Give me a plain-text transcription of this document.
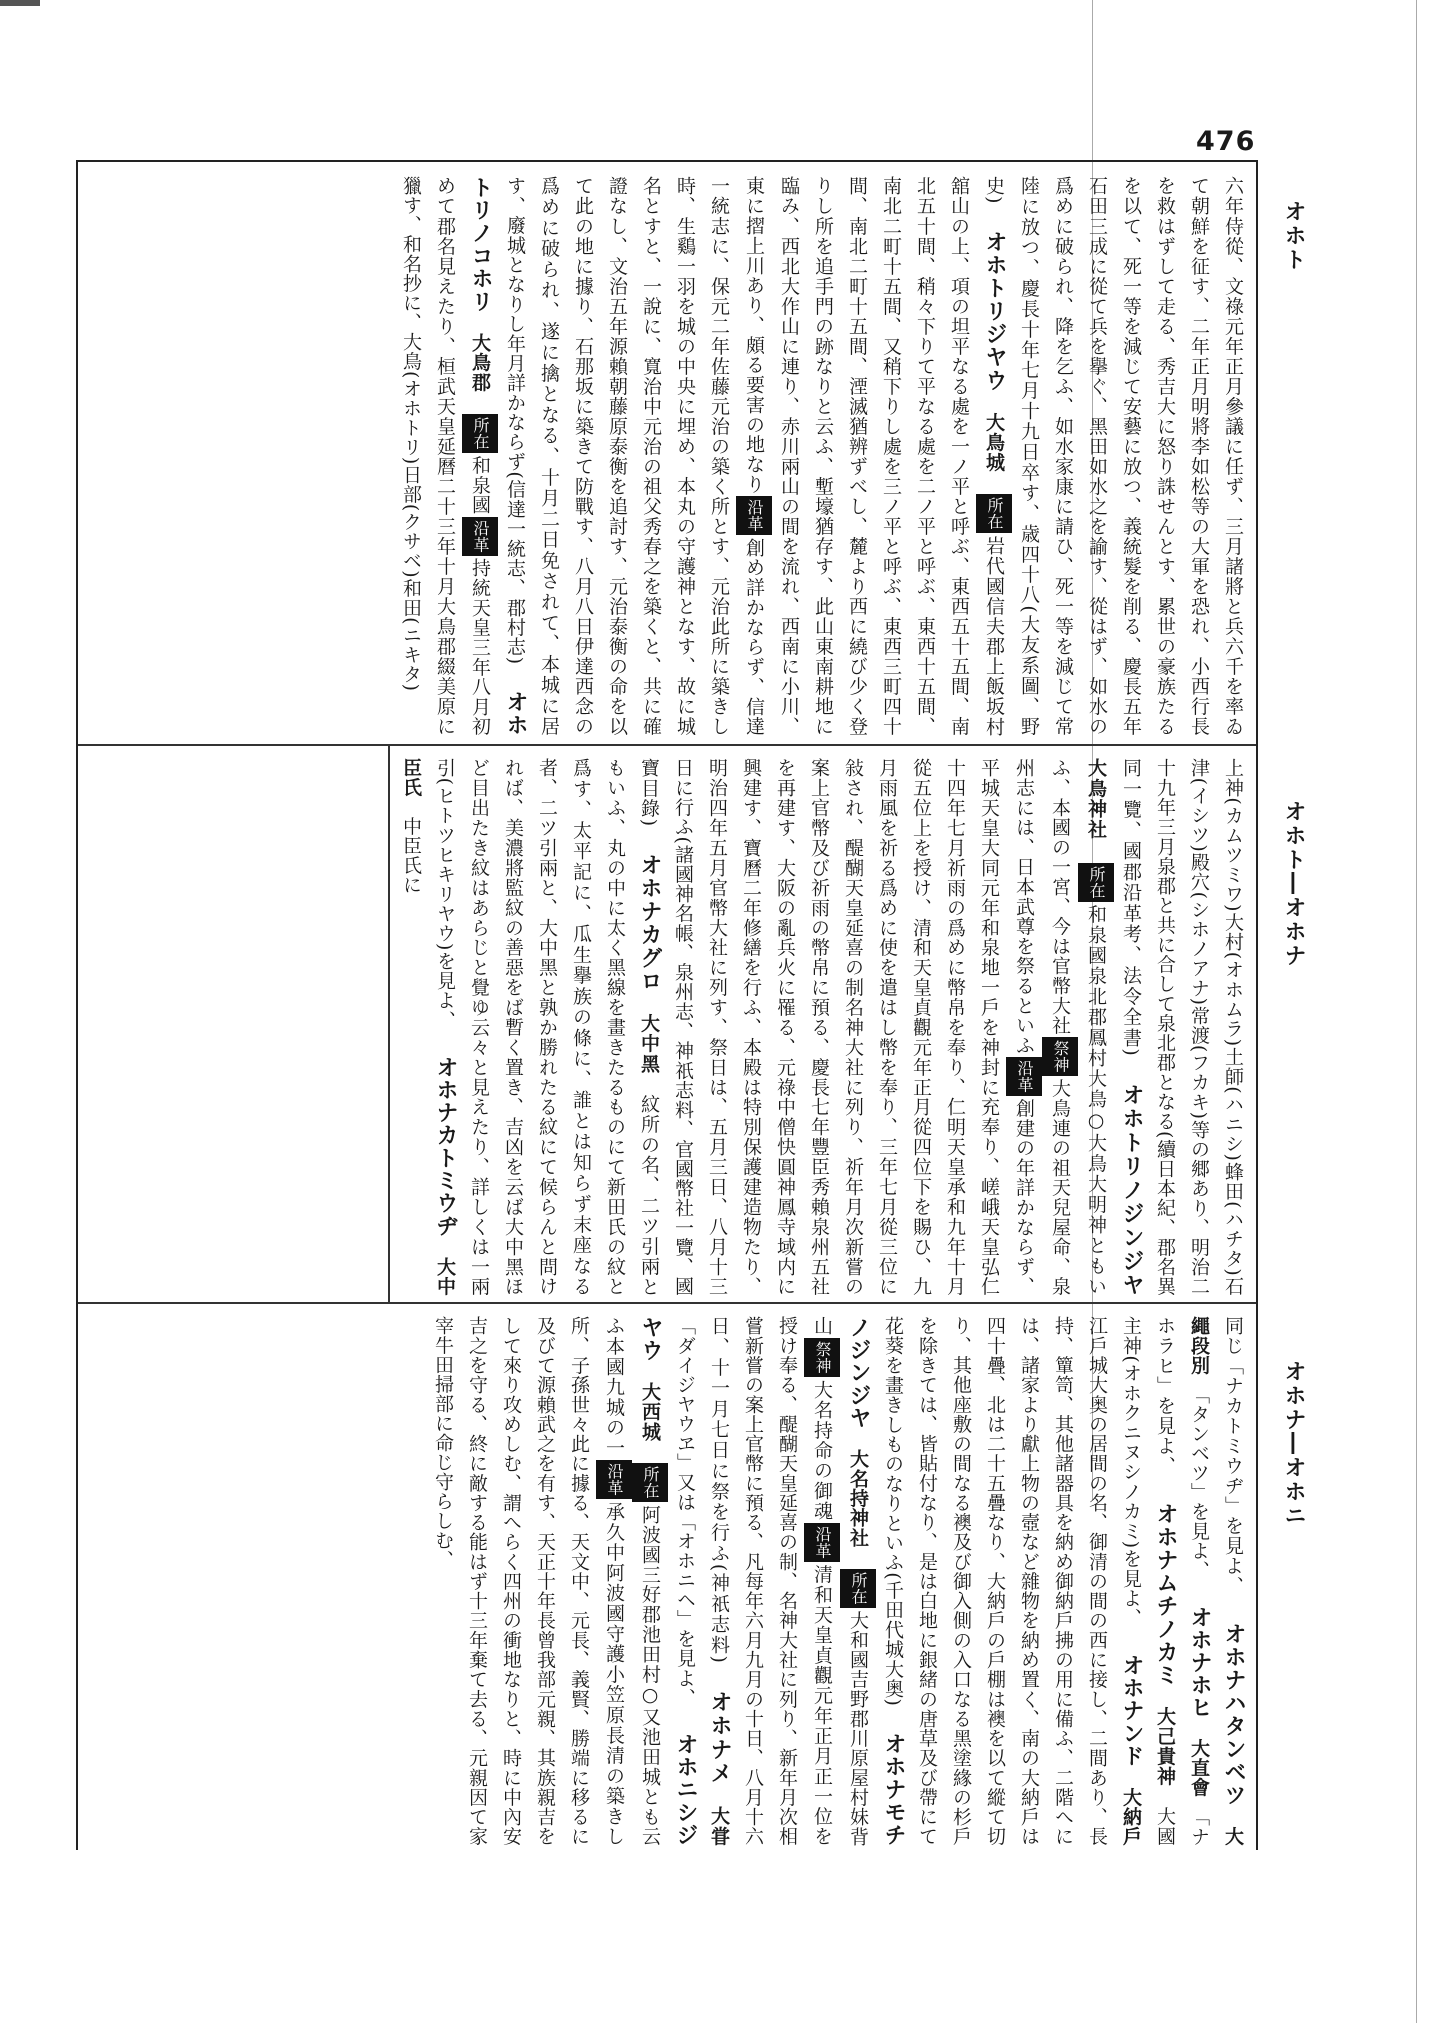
476
オホト
オホト―オホナ
オホナ―オホニ
六年侍從、文祿元年正月參議に任ず、三月諸將と兵六千を率ゐて朝鮮を征す、二年正月明將李如松等の大軍を恐れ、小西行長を救はずして走る、秀吉大に怒り誅せんとす、累世の豪族たるを以て、死一等を減じて安藝に放つ、義統髮を削る、慶長五年石田三成に從て兵を擧ぐ、黑田如水之を諭す、從はず、如水の爲めに破られ、降を乞ふ、如水家康に請ひ、死一等を減じて常陸に放つ、慶長十年七月十九日卒す、歳四十八(大友系圖、野史)オホトリジヤウ　大鳥城　所在岩代國信夫郡上飯坂村舘山の上、項の坦平なる處を一ノ平と呼ぶ、東西五十五間、南北五十間、稍々下りて平なる處を二ノ平と呼ぶ、東西十五間、南北二町十五間、又稍下りし處を三ノ平と呼ぶ、東西三町四十間、南北二町十五間、湮滅猶辨ずべし、麓より西に繞び少く登りし所を追手門の跡なりと云ふ、塹壕猶存す、此山東南耕地に臨み、西北大作山に連り、赤川兩山の間を流れ、西南に小川、東に摺上川あり、頗る要害の地なり沿革創め詳かならず、信達一統志に、保元二年佐藤元治の築く所とす、元治此所に築きし時、生鷄一羽を城の中央に埋め、本丸の守護神となす、故に城名とすと、一說に、寬治中元治の祖父秀春之を築くと、共に確證なし、文治五年源賴朝藤原泰衡を追討す、元治泰衡の命を以て此の地に據り、石那坂に築きて防戰す、八月八日伊達西念の爲めに破られ、遂に擒となる、十月二日免されて、本城に居す、廢城となりし年月詳かならず(信達一統志、郡村志)オホトリノコホリ　大鳥郡　所在和泉國沿革持統天皇三年八月初めて郡名見えたり、桓武天皇延曆二十三年十月大鳥郡綴美原に獵す、和名抄に、大鳥(オホトリ)日部(クサベ)和田(ニキタ)
上神(カムツミワ)大村(オホムラ)土師(ハニシ)蜂田(ハチタ)石津(イシツ)殿穴(シホノアナ)常渡(フカキ)等の郷あり、明治二十九年三月泉郡と共に合して泉北郡となる(續日本紀、郡名異同一覽、國郡沿革考、法令全書)オホトリノジンジヤ　大鳥神社　所在和泉國泉北郡鳳村大鳥○大鳥大明神ともいふ、本國の一宮、今は官幣大社祭神大鳥連の祖天兒屋命、泉州志には、日本武尊を祭るといふ沿革創建の年詳かならず、平城天皇大同元年和泉地一戶を神封に充奉り、嵯峨天皇弘仁十四年七月祈雨の爲めに幣帛を奉り、仁明天皇承和九年十月從五位上を授け、清和天皇貞觀元年正月從四位下を賜ひ、九月雨風を祈る爲めに使を遣はし幣を奉り、三年七月從三位に敍され、醍醐天皇延喜の制名神大社に列り、祈年月次新嘗の案上官幣及び祈雨の幣帛に預る、慶長七年豐臣秀賴泉州五社を再建す、大阪の亂兵火に罹る、元祿中僧快圓神鳳寺域内に興建す、寶曆二年修繕を行ふ、本殿は特別保護建造物たり、明治四年五月官幣大社に列す、祭日は、五月三日、八月十三日に行ふ(諸國神名帳、泉州志、神祇志料、官國幣社一覽、國寶目錄)オホナカグロ　大中黑　紋所の名、二ツ引兩ともいふ、丸の中に太く黑線を畫きたるものにて新田氏の紋と爲す、太平記に、瓜生擧族の條に、誰とは知らず末座なる者、二ツ引兩と、大中黑と孰か勝れたる紋にて候らんと問ければ、美濃將監紋の善惡をば暫く置き、吉凶を云ば大中黑ほど目出たき紋はあらじと覺ゆ云々と見えたり、詳しくは一兩引(ヒトツヒキリヤウ)を見よ、オホナカトミウヂ　大中臣氏　中臣氏に
同じ「ナカトミウヂ」を見よ、オホナハタンベツ　大繩段別　「タンベツ」を見よ、オホナホヒ　大直會　「ナホラヒ」を見よ、オホナムチノカミ　大己貴神　大國主神(オホクニヌシノカミ)を見よ、オホナンド　大納戶　江戶城大奥の居間の名、御清の間の西に接し、二間あり、長持、簞笥、其他諸器具を納め御納戶拂の用に備ふ、二階へには、諸家より獻上物の壼など雜物を納め置く、南の大納戶は四十疊、北は二十五疊なり、大納戶の戶棚は襖を以て縱て切り、其他座敷の間なる襖及び御入側の入口なる黑塗緣の杉戶を除きては、皆貼付なり、是は白地に銀緒の唐草及び帶にて花葵を畫きしものなりといふ(千田代城大奥)オホナモチノジンジヤ　大名持神社　所在大和國吉野郡川原屋村妹背山祭神大名持命の御魂沿革清和天皇貞觀元年正月正一位を授け奉る、醍醐天皇延喜の制、名神大社に列り、新年月次相嘗新嘗の案上官幣に預る、凡每年六月九月の十日、八月十六日、十一月七日に祭を行ふ(神祇志料)オホナメ　大甞　「ダイジヤウヱ」又は「オホニヘ」を見よ、オホニシジヤウ　大西城　所在阿波國三好郡池田村○又池田城とも云ふ本國九城の一沿革承久中阿波國守護小笠原長清の築きし所、子孫世々此に據る、天文中、元長、義賢、勝端に移るに及びて源賴武之を有す、天正十年長曾我部元親、其族親吉をして來り攻めしむ、謂へらく四州の衝地なりと、時に中內安吉之を守る、終に敵する能はず十三年棄て去る、元親因て家宰牛田掃部に命じ守らしむ、
